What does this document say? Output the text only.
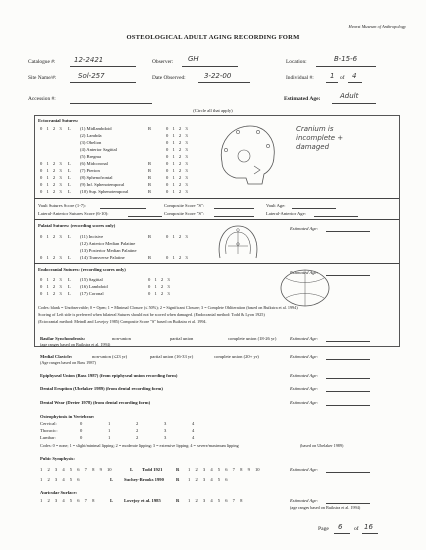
Hearst Museum of Anthropology
OSTEOLOGICAL ADULT AGING RECORDING FORM
Catalogue #:	12-2421	Observer: GH	Location:	B-15-6
Site Name/#:	Sol-257	Date Observed:	3-22-00	Individual #: 1 of 4
Accession #:	Estimated Age:	Adult
(Circle all that apply)
Ectocranial Sutures:
0 1 2 3 L (1) Midlambdoid	R	0 1 2 3
(2) Lambda	0 1 2 3
(3) Obelion	0 1 2 3
(4) Anterior Sagittal	0 1 2 3
(5) Bregma	0 1 2 3
0 1 2 3 L (6) Midcoronal	R	0 1 2 3
0 1 2 3 L (7) Pterion	R	0 1 2 3
0 1 2 3 L (8) Sphenofrontal	R	0 1 2 3
0 1 2 3 L (9) Inf. Sphenotemporal	R	0 1 2 3
0 1 2 3 L (10) Sup. Sphenotemporal	R	0 1 2 3
Cranium is incomplete + damaged
Vault Sutures Score (1-7):	Composite Score "S":	Vault Age:
Lateral-Anterior Sutures Score (6-10):	Composite Score "S":	Lateral-Anterior Age:
Palatal Sutures: (recording scores only)
Estimated Age:
0 1 2 3 L (11) Incisive	R	0 1 2 3
(12) Anterior Median Palatine
(13) Posterior Median Palatine
0 1 2 3 L (14) Transverse Palatine	R	0 1 2 3
Endocranial Sutures: (recording scores only)
Estimated Age:
0 1 2 3 L (15) Sagittal	0 1 2 3
0 1 2 3 L (16) Lambdoid	0 1 2 3
0 1 2 3 L (17) Coronal	0 1 2 3
Codes: blank = Unobservable; 0 = Open; 1 = Minimal Closure (≤ 50%); 2 = Significant Closure; 3 = Complete Obliteration (based on Buikstra et al. 1994)
Scoring of Left side is preferred when bilateral Sutures should not be scored when damaged. (Endocranial method: Todd & Lyon 1925)
(Ectocranial method: Meindl and Lovejoy 1985) Composite Score "S" based on Buikstra et al. 1994.
Basilar Synchondrosis:	non-union	partial union	complete union (18-26 yr)	Estimated Age:
(age ranges based on Buikstra et al. 1994)
Medial Clavicle:	non-union (≤23 yr)	partial union (16-33 yr)	complete union (20+ yr)	Estimated Age:
(Age ranges based on Bass 1987)
Epiphyseal Union (Bass 1987) (from epiphyseal union recording form)	Estimated Age:
Dental Eruption (Ubelaker 1989) (from dental recording form)	Estimated Age:
Dental Wear (Dreier 1978) (from dental recording form)	Estimated Age:
Osteophytosis in Vertebrae:
Cervical:	0	1	2	3	4
Thoracic:	0	1	2	3	4
Lumbar:	0	1	2	3	4
Codes: 0 = none; 1 = slight/minimal lipping; 2 = moderate lipping; 3 = extensive lipping; 4 = severe/maximum lipping	(based on Ubelaker 1989)
Pubic Symphysis:
1 2 3 4 5 6 7 8 9 10	L Todd 1921	R 1 2 3 4 5 6 7 8 9 10	Estimated Age:
1 2 3 4 5 6	L Suchey-Brooks 1990	R 1 2 3 4 5 6
Auricular Surface:
1 2 3 4 5 6 7 8	L Lovejoy et al. 1985	R 1 2 3 4 5 6 7 8	Estimated Age:
(age ranges based on Buikstra et al. 1994)
Page 6 of 16
